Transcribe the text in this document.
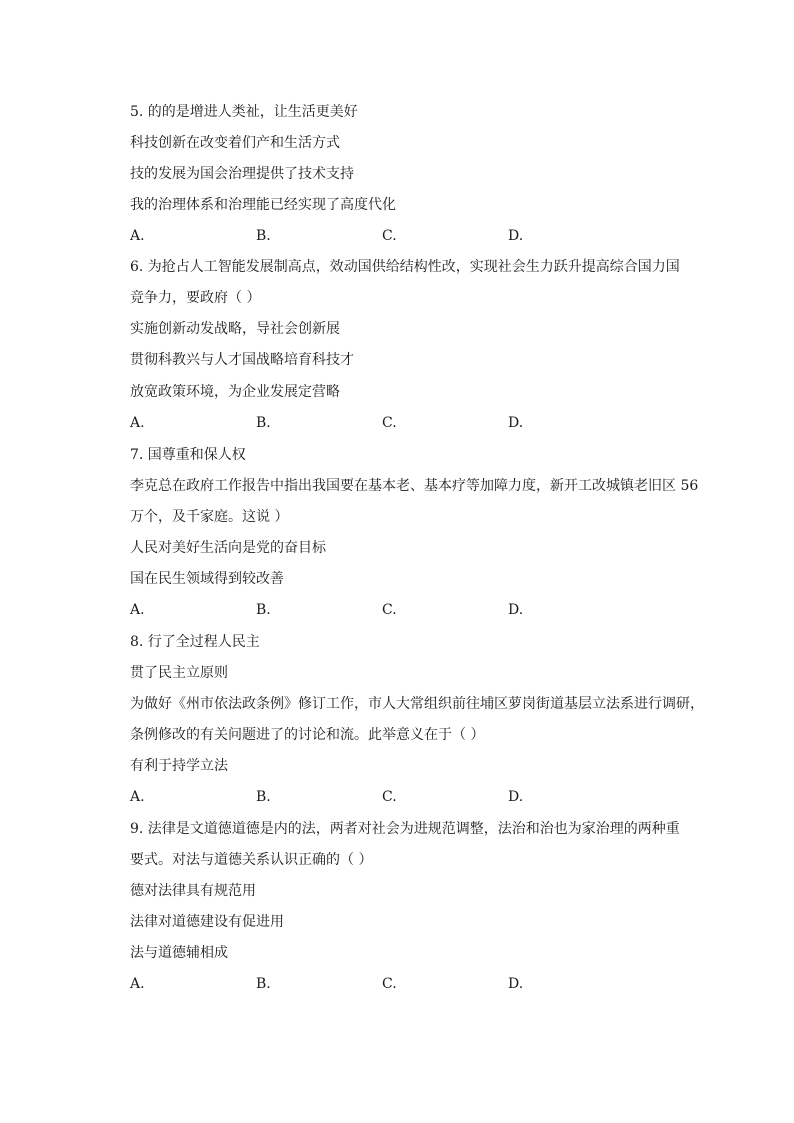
5. 的的是增进人类祉，让生活更美好
科技创新在改变着们产和生活方式
技的发展为国会治理提供了技术支持
我的治理体系和治理能已经实现了高度代化
A.	B.	C.	D.
6. 为抢占人工智能发展制高点，效动国供给结构性改，实现社会生力跃升提高综合国力国
竞争力，要政府（ ）
实施创新动发战略，导社会创新展
贯彻科教兴与人才国战略培育科技才
放宽政策环境，为企业发展定营略
A.	B.	C.	D.
7. 国尊重和保人权
李克总在政府工作报告中指出我国要在基本老、基本疗等加障力度，新开工改城镇老旧区 56
万个，及千家庭。这说 ）
人民对美好生活向是党的奋目标
国在民生领域得到较改善
A.	B.	C.	D.
8. 行了全过程人民主
贯了民主立原则
为做好《州市依法政条例》修订工作，市人大常组织前往埔区萝岗街道基层立法系进行调研，
条例修改的有关问题进了的讨论和流。此举意义在于（ ）
有利于持学立法
A.	B.	C.	D.
9. 法律是文道德道德是内的法，两者对社会为进规范调整，法治和治也为家治理的两种重
要式。对法与道德关系认识正确的（ ）
德对法律具有规范用
法律对道德建设有促进用
法与道德辅相成
A.	B.	C.	D.
